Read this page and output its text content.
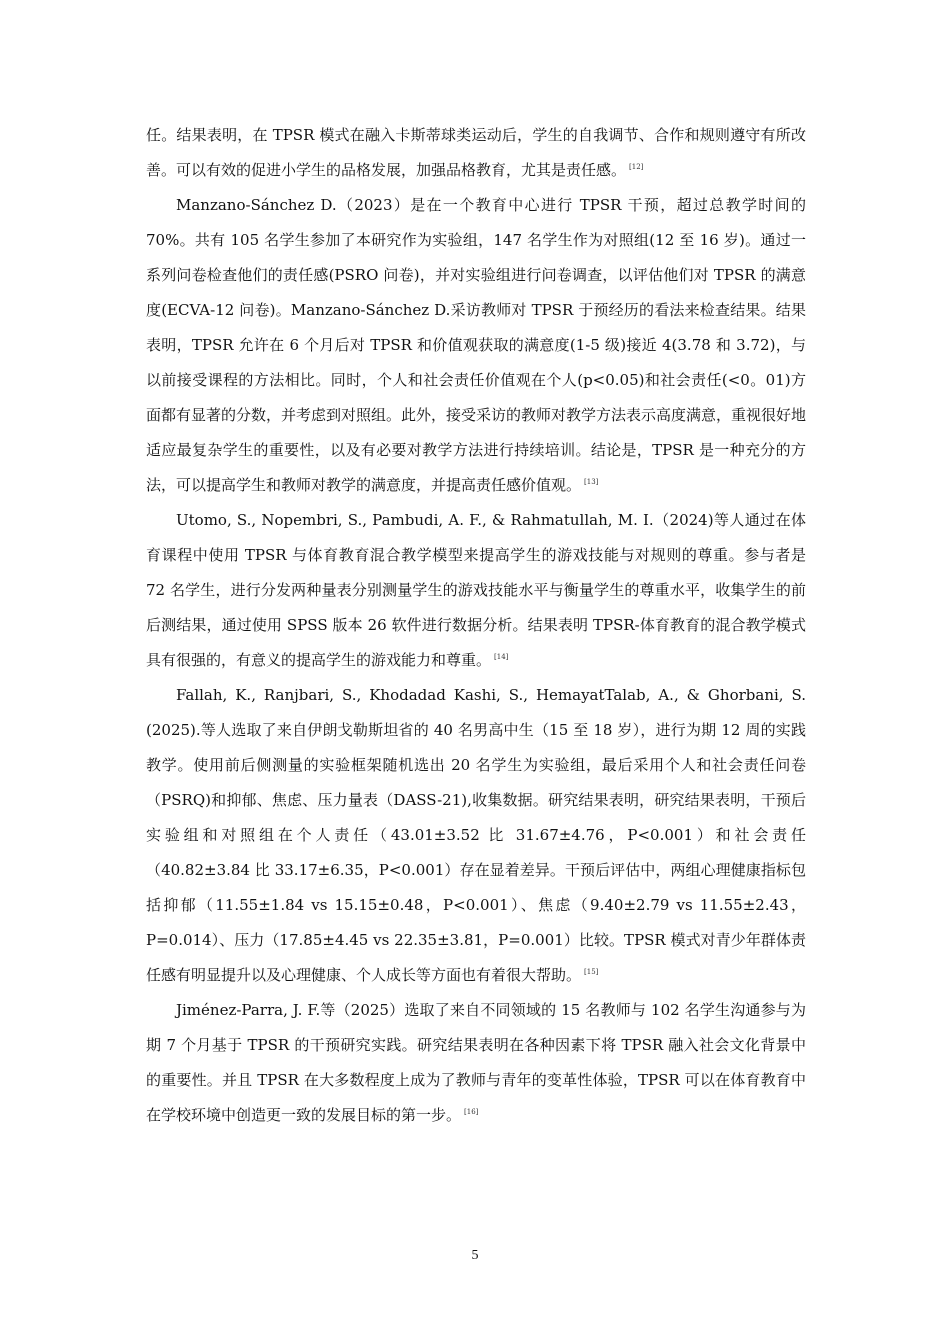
任。结果表明，在 TPSR 模式在融入卡斯蒂球类运动后，学生的自我调节、合作和规则遵守有所改善。可以有效的促进小学生的品格发展，加强品格教育，尤其是责任感。 [12]

Manzano-Sánchez D.（2023）是在一个教育中心进行 TPSR 干预，超过总教学时间的 70%。共有 105 名学生参加了本研究作为实验组，147 名学生作为对照组(12 至 16 岁)。通过一系列问卷检查他们的责任感(PSRO 问卷)，并对实验组进行问卷调查，以评估他们对 TPSR 的满意度(ECVA-12 问卷)。Manzano-Sánchez D.采访教师对 TPSR 于预经历的看法来检查结果。结果表明，TPSR 允许在 6 个月后对 TPSR 和价值观获取的满意度(1-5 级)接近 4(3.78 和 3.72)，与以前接受课程的方法相比。同时，个人和社会责任价值观在个人(p<0.05)和社会责任(<0。01)方面都有显著的分数，并考虑到对照组。此外，接受采访的教师对教学方法表示高度满意，重视很好地适应最复杂学生的重要性，以及有必要对教学方法进行持续培训。结论是，TPSR 是一种充分的方法，可以提高学生和教师对教学的满意度，并提高责任感价值观。 [13]

Utomo, S., Nopembri, S., Pambudi, A. F., & Rahmatullah, M. I.（2024)等人通过在体育课程中使用 TPSR 与体育教育混合教学模型来提高学生的游戏技能与对规则的尊重。参与者是 72 名学生，进行分发两种量表分别测量学生的游戏技能水平与衡量学生的尊重水平，收集学生的前后测结果，通过使用 SPSS 版本 26 软件进行数据分析。结果表明 TPSR-体育教育的混合教学模式具有很强的，有意义的提高学生的游戏能力和尊重。 [14]

Fallah, K., Ranjbari, S., Khodadad Kashi, S., HemayatTalab, A., & Ghorbani, S. (2025).等人选取了来自伊朗戈勒斯坦省的 40 名男高中生（15 至 18 岁），进行为期 12 周的实践教学。使用前后侧测量的实验框架随机选出 20 名学生为实验组，最后采用个人和社会责任问卷（PSRQ)和抑郁、焦虑、压力量表（DASS-21),收集数据。研究结果表明，研究结果表明，干预后实验组和对照组在个人责任（43.01±3.52 比 31.67±4.76，P<0.001）和社会责任（40.82±3.84 比 33.17±6.35，P<0.001）存在显着差异。干预后评估中，两组心理健康指标包括抑郁（11.55±1.84 vs 15.15±0.48，P<0.001）、焦虑（9.40±2.79 vs 11.55±2.43，P=0.014）、压力（17.85±4.45 vs 22.35±3.81，P=0.001）比较。TPSR 模式对青少年群体责任感有明显提升以及心理健康、个人成长等方面也有着很大帮助。 [15]

Jiménez-Parra, J. F.等（2025）选取了来自不同领域的 15 名教师与 102 名学生沟通参与为期 7 个月基于 TPSR 的干预研究实践。研究结果表明在各种因素下将 TPSR 融入社会文化背景中的重要性。并且 TPSR 在大多数程度上成为了教师与青年的变革性体验，TPSR 可以在体育教育中在学校环境中创造更一致的发展目标的第一步。 [16]

5
